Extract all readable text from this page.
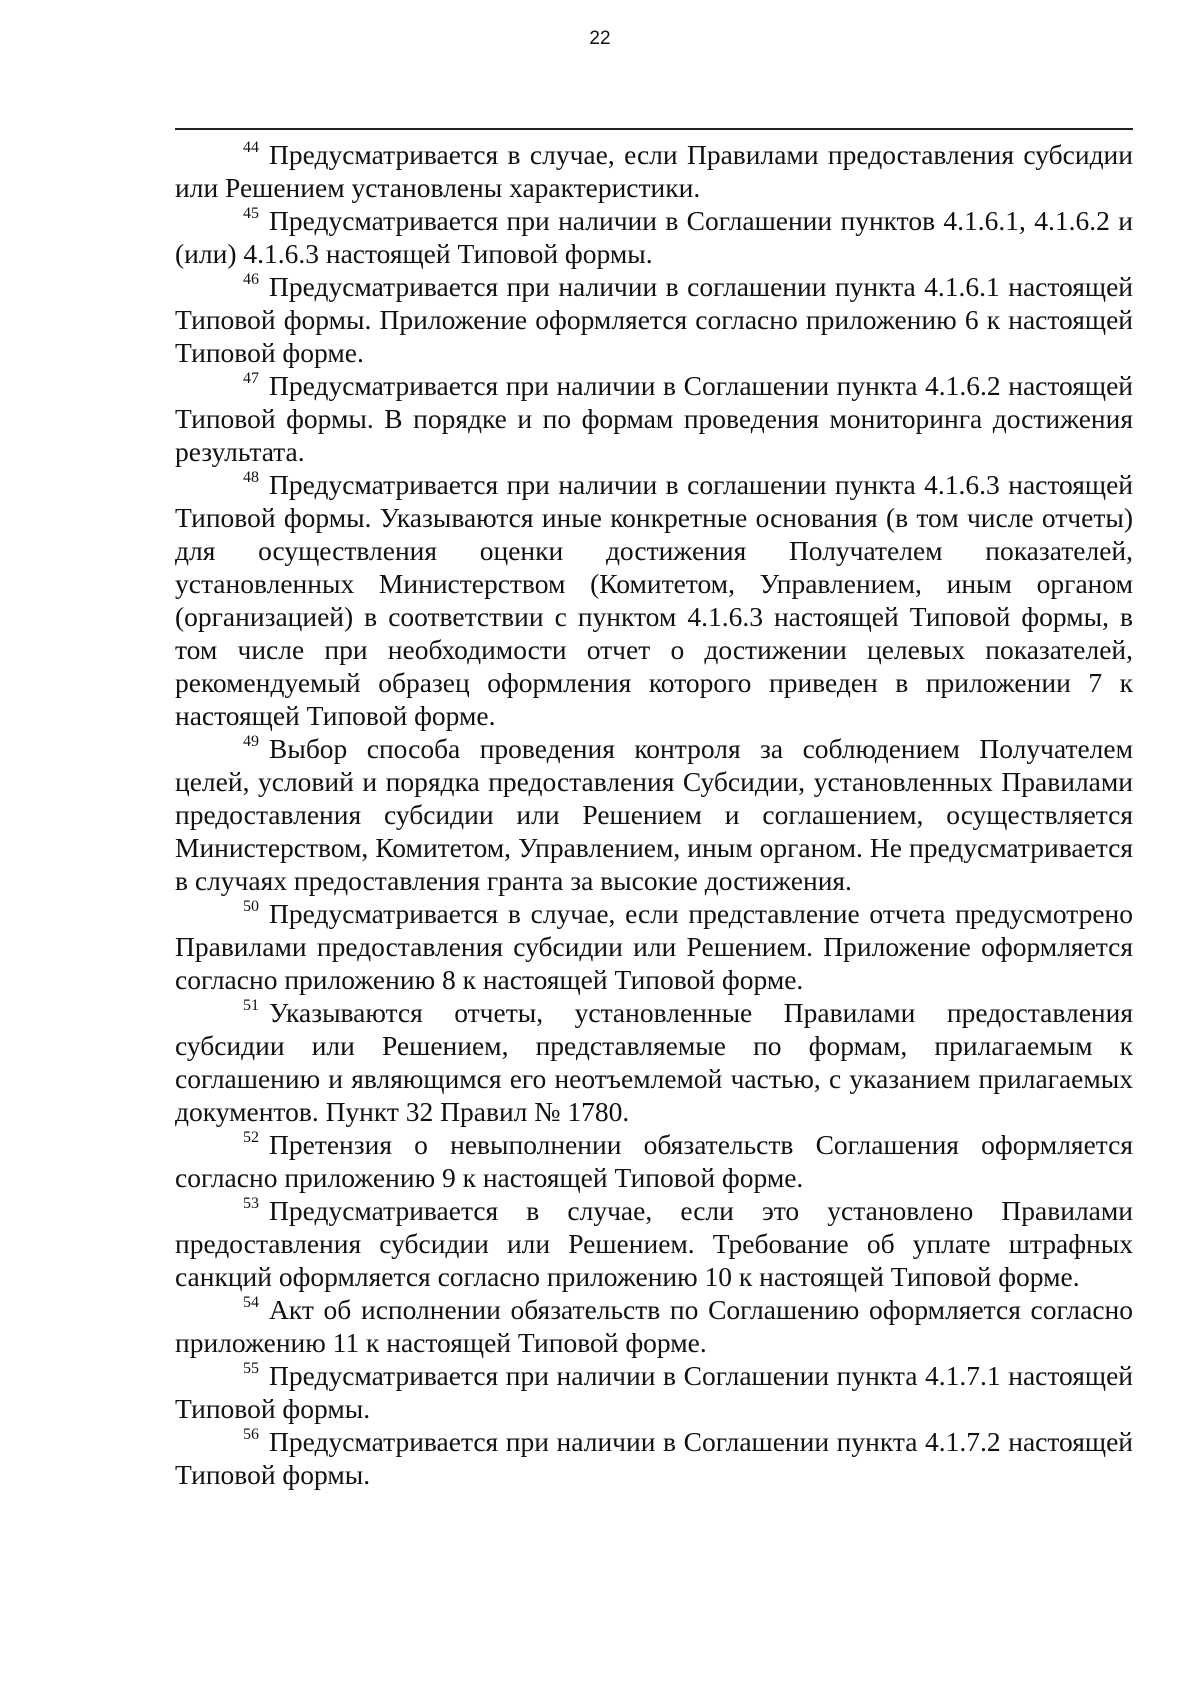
22

$^{44}$ Предусматривается в случае, если Правилами предоставления субсидии или Решением установлены характеристики.

$^{45}$ Предусматривается при наличии в Соглашении пунктов 4.1.6.1, 4.1.6.2 и (или) 4.1.6.3 настоящей Типовой формы.

$^{46}$ Предусматривается при наличии в соглашении пункта 4.1.6.1 настоящей Типовой формы. Приложение оформляется согласно приложению 6 к настоящей Типовой форме.

$^{47}$ Предусматривается при наличии в Соглашении пункта 4.1.6.2 настоящей Типовой формы. В порядке и по формам проведения мониторинга достижения результата.

$^{48}$ Предусматривается при наличии в соглашении пункта 4.1.6.3 настоящей Типовой формы. Указываются иные конкретные основания (в том числе отчеты) для осуществления оценки достижения Получателем показателей, установленных Министерством (Комитетом, Управлением, иным органом (организацией) в соответствии с пунктом 4.1.6.3 настоящей Типовой формы, в том числе при необходимости отчет о достижении целевых показателей, рекомендуемый образец оформления которого приведен в приложении 7 к настоящей Типовой форме.

$^{49}$ Выбор способа проведения контроля за соблюдением Получателем целей, условий и порядка предоставления Субсидии, установленных Правилами предоставления субсидии или Решением и соглашением, осуществляется Министерством, Комитетом, Управлением, иным органом. Не предусматривается в случаях предоставления гранта за высокие достижения.

$^{50}$ Предусматривается в случае, если представление отчета предусмотрено Правилами предоставления субсидии или Решением. Приложение оформляется согласно приложению 8 к настоящей Типовой форме.

$^{51}$ Указываются отчеты, установленные Правилами предоставления субсидии или Решением, представляемые по формам, прилагаемым к соглашению и являющимся его неотъемлемой частью, с указанием прилагаемых документов. Пункт 32 Правил № 1780.

$^{52}$ Претензия о невыполнении обязательств Соглашения оформляется согласно приложению 9 к настоящей Типовой форме.

$^{53}$ Предусматривается в случае, если это установлено Правилами предоставления субсидии или Решением. Требование об уплате штрафных санкций оформляется согласно приложению 10 к настоящей Типовой форме.

$^{54}$ Акт об исполнении обязательств по Соглашению оформляется согласно приложению 11 к настоящей Типовой форме.

$^{55}$ Предусматривается при наличии в Соглашении пункта 4.1.7.1 настоящей Типовой формы.

$^{56}$ Предусматривается при наличии в Соглашении пункта 4.1.7.2 настоящей Типовой формы.
